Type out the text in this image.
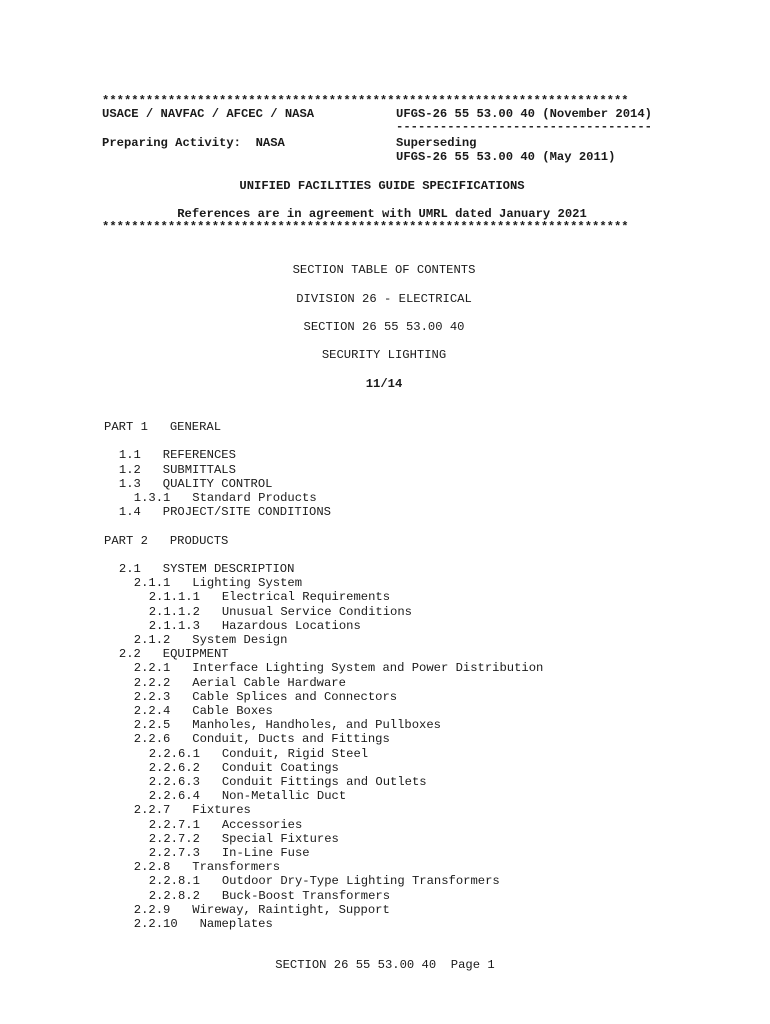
************************************************************************
USACE / NAVFAC / AFCEC / NASA	UFGS-26 55 53.00 40 (November 2014)
-----------------------------------
Preparing Activity:  NASA	Superseding
UFGS-26 55 53.00 40 (May 2011)
UNIFIED FACILITIES GUIDE SPECIFICATIONS
References are in agreement with UMRL dated January 2021
************************************************************************
SECTION TABLE OF CONTENTS
DIVISION 26 - ELECTRICAL
SECTION 26 55 53.00 40
SECURITY LIGHTING
11/14
PART 1   GENERAL
1.1   REFERENCES
1.2   SUBMITTALS
1.3   QUALITY CONTROL
1.3.1   Standard Products
1.4   PROJECT/SITE CONDITIONS
PART 2   PRODUCTS
2.1   SYSTEM DESCRIPTION
2.1.1   Lighting System
2.1.1.1   Electrical Requirements
2.1.1.2   Unusual Service Conditions
2.1.1.3   Hazardous Locations
2.1.2   System Design
2.2   EQUIPMENT
2.2.1   Interface Lighting System and Power Distribution
2.2.2   Aerial Cable Hardware
2.2.3   Cable Splices and Connectors
2.2.4   Cable Boxes
2.2.5   Manholes, Handholes, and Pullboxes
2.2.6   Conduit, Ducts and Fittings
2.2.6.1   Conduit, Rigid Steel
2.2.6.2   Conduit Coatings
2.2.6.3   Conduit Fittings and Outlets
2.2.6.4   Non-Metallic Duct
2.2.7   Fixtures
2.2.7.1   Accessories
2.2.7.2   Special Fixtures
2.2.7.3   In-Line Fuse
2.2.8   Transformers
2.2.8.1   Outdoor Dry-Type Lighting Transformers
2.2.8.2   Buck-Boost Transformers
2.2.9   Wireway, Raintight, Support
2.2.10   Nameplates
SECTION 26 55 53.00 40  Page 1
